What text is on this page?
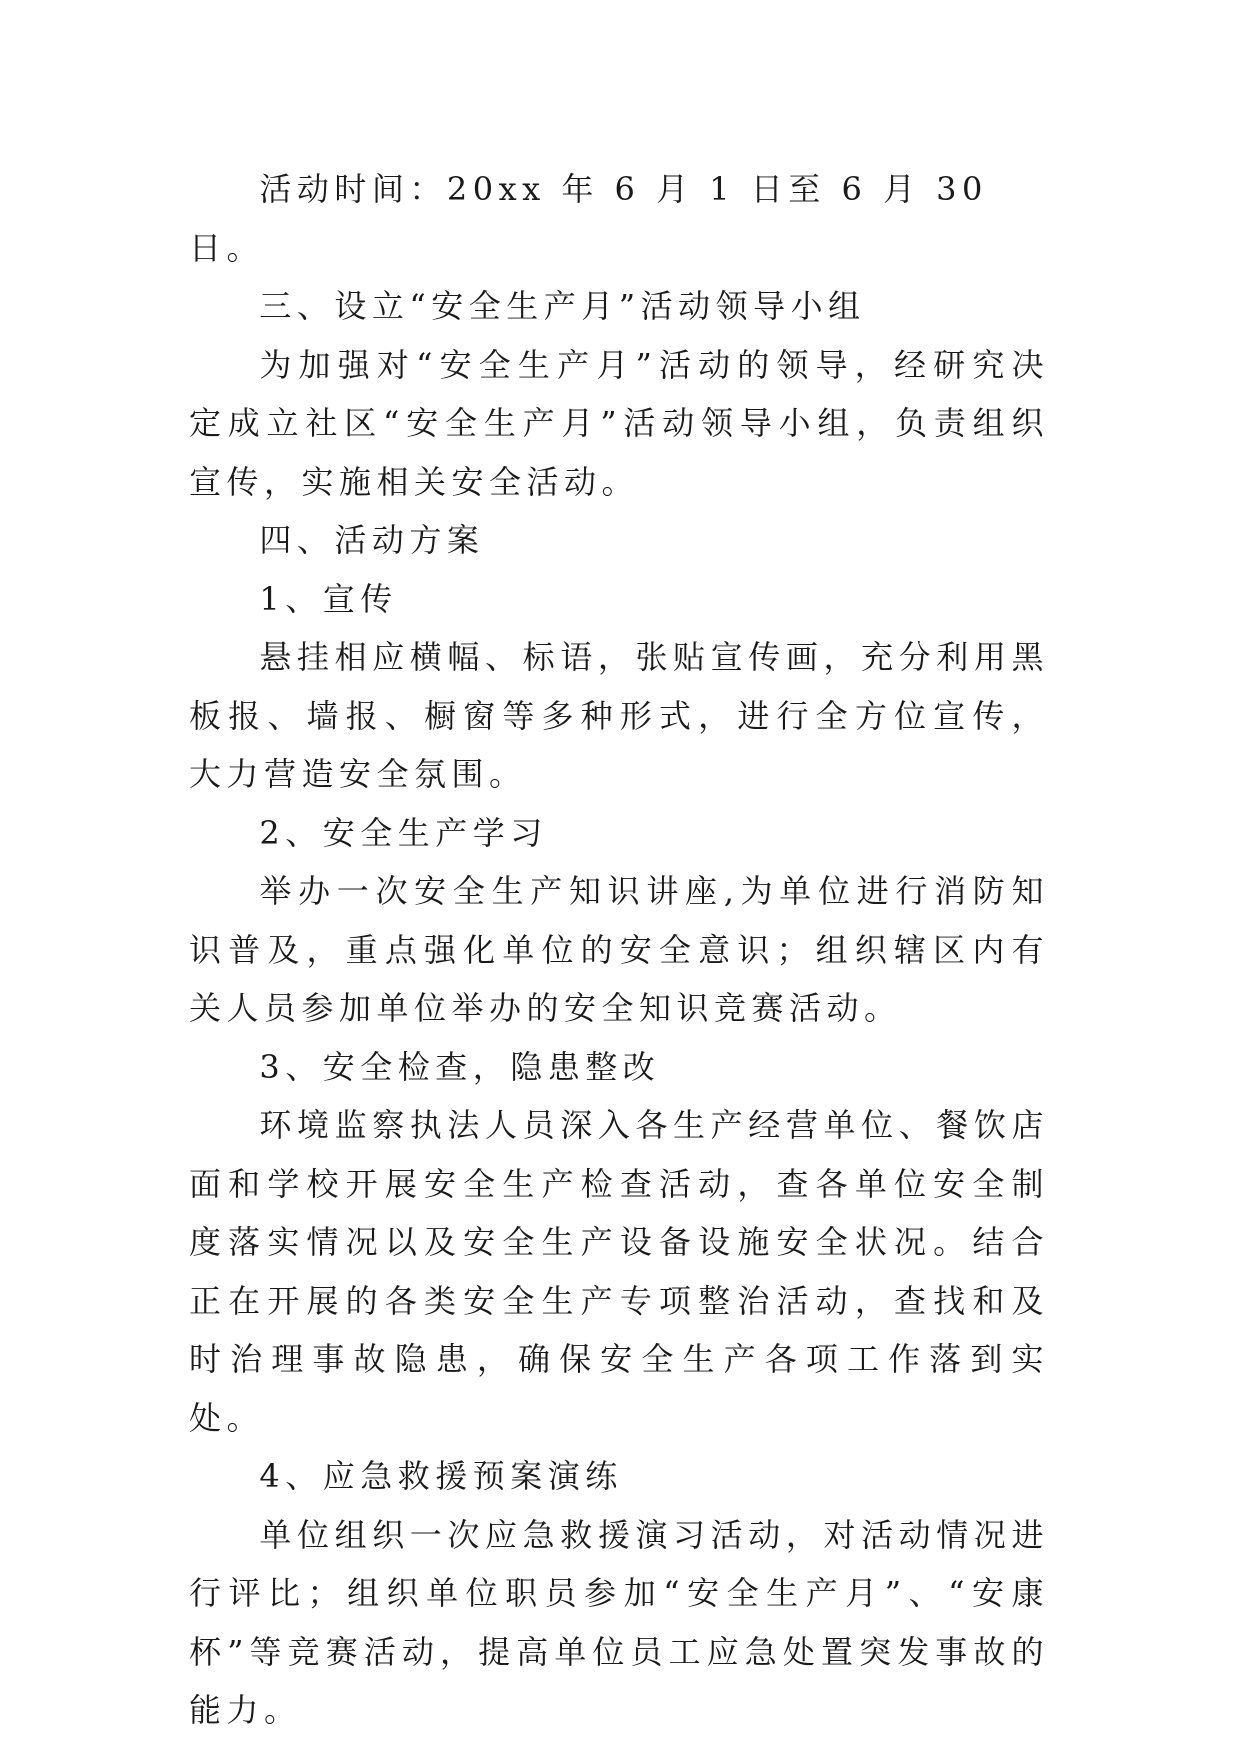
活动时间：20xx 年 6 月 1 日至 6 月 30 日。

三、设立“安全生产月”活动领导小组

为加强对“安全生产月”活动的领导，经研究决定成立社区“安全生产月”活动领导小组，负责组织宣传，实施相关安全活动。

四、活动方案

1、宣传

悬挂相应横幅、标语，张贴宣传画，充分利用黑板报、墙报、橱窗等多种形式，进行全方位宣传，大力营造安全氛围。

2、安全生产学习

举办一次安全生产知识讲座,为单位进行消防知识普及，重点强化单位的安全意识；组织辖区内有关人员参加单位举办的安全知识竞赛活动。

3、安全检查，隐患整改

环境监察执法人员深入各生产经营单位、餐饮店面和学校开展安全生产检查活动，查各单位安全制度落实情况以及安全生产设备设施安全状况。结合正在开展的各类安全生产专项整治活动，查找和及时治理事故隐患，确保安全生产各项工作落到实处。

4、应急救援预案演练

单位组织一次应急救援演习活动，对活动情况进行评比；组织单位职员参加“安全生产月”、“安康杯”等竞赛活动，提高单位员工应急处置突发事故的能力。
